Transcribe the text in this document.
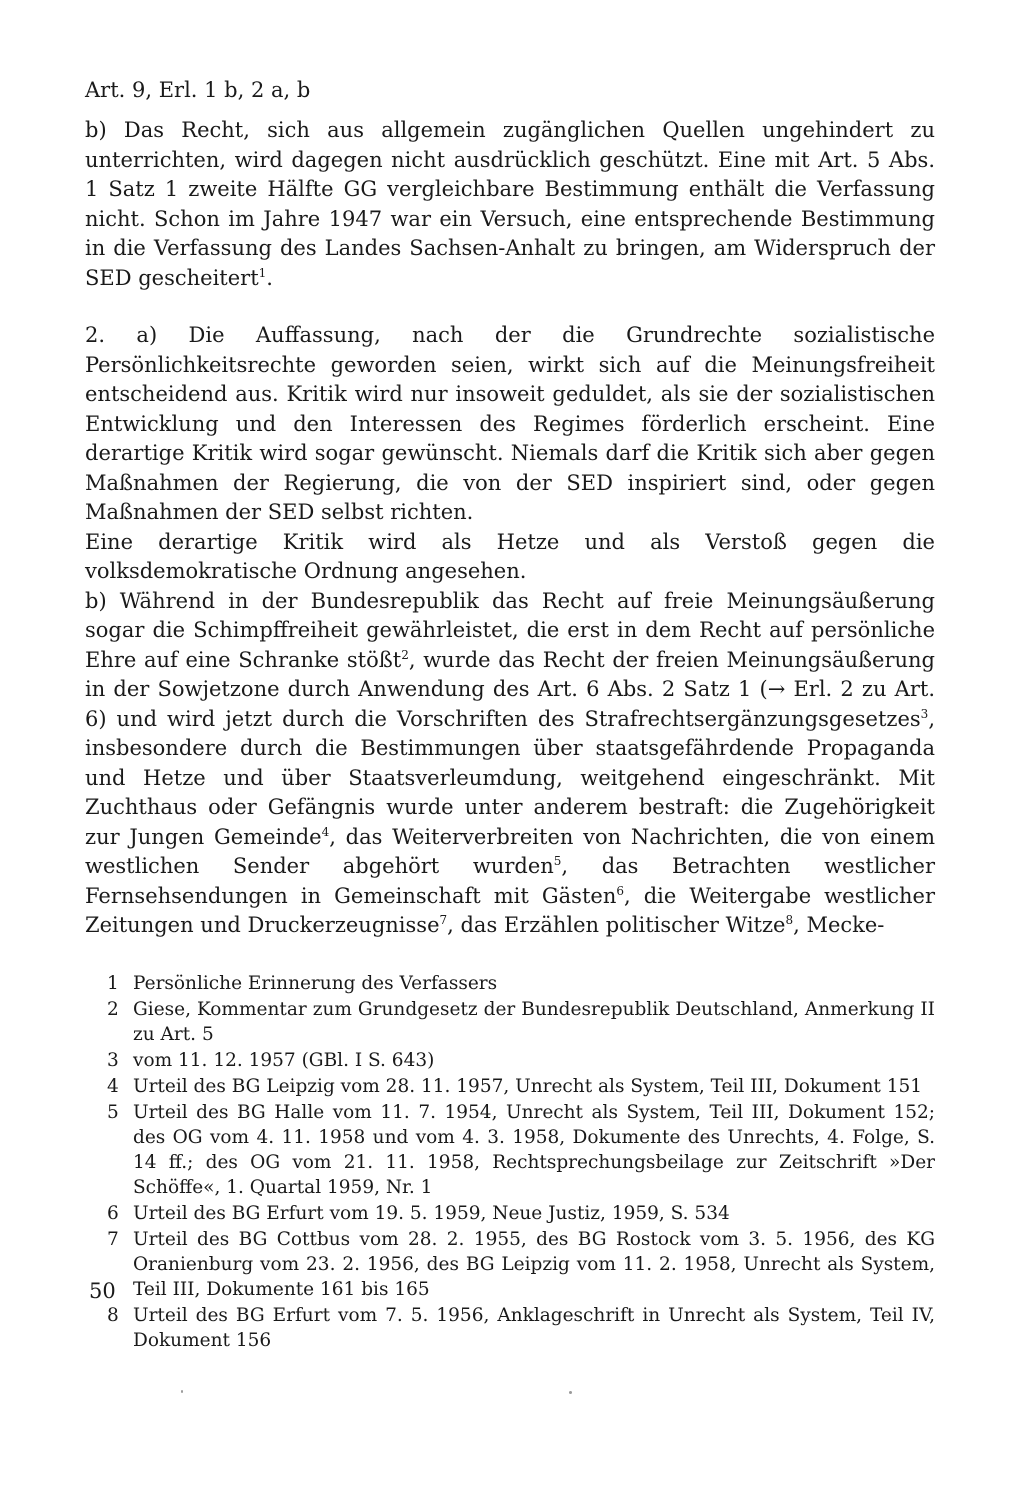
Art. 9, Erl. 1 b, 2 a, b

b) Das Recht, sich aus allgemein zugänglichen Quellen ungehindert zu unterrichten, wird dagegen nicht ausdrücklich geschützt. Eine mit Art. 5 Abs. 1 Satz 1 zweite Hälfte GG vergleichbare Bestimmung enthält die Verfassung nicht. Schon im Jahre 1947 war ein Versuch, eine entsprechende Bestimmung in die Verfassung des Landes Sachsen-Anhalt zu bringen, am Widerspruch der SED gescheitert$^1$.

2. a) Die Auffassung, nach der die Grundrechte sozialistische Persönlichkeitsrechte geworden seien, wirkt sich auf die Meinungsfreiheit entscheidend aus. Kritik wird nur insoweit geduldet, als sie der sozialistischen Entwicklung und den Interessen des Regimes förderlich erscheint. Eine derartige Kritik wird sogar gewünscht. Niemals darf die Kritik sich aber gegen Maßnahmen der Regierung, die von der SED inspiriert sind, oder gegen Maßnahmen der SED selbst richten.

Eine derartige Kritik wird als Hetze und als Verstoß gegen die volksdemokratische Ordnung angesehen.

b) Während in der Bundesrepublik das Recht auf freie Meinungsäußerung sogar die Schimpffreiheit gewährleistet, die erst in dem Recht auf persönliche Ehre auf eine Schranke stößt$^2$, wurde das Recht der freien Meinungsäußerung in der Sowjetzone durch Anwendung des Art. 6 Abs. 2 Satz 1 (→ Erl. 2 zu Art. 6) und wird jetzt durch die Vorschriften des Strafrechtsergänzungsgesetzes$^3$, insbesondere durch die Bestimmungen über staatsgefährdende Propaganda und Hetze und über Staatsverleumdung, weitgehend eingeschränkt. Mit Zuchthaus oder Gefängnis wurde unter anderem bestraft: die Zugehörigkeit zur Jungen Gemeinde$^4$, das Weiterverbreiten von Nachrichten, die von einem westlichen Sender abgehört wurden$^5$, das Betrachten westlicher Fernsehsendungen in Gemeinschaft mit Gästen$^6$, die Weitergabe westlicher Zeitungen und Druckerzeugnisse$^7$, das Erzählen politischer Witze$^8$, Mecke-

1 Persönliche Erinnerung des Verfassers
2 Giese, Kommentar zum Grundgesetz der Bundesrepublik Deutschland, Anmerkung II zu Art. 5
3 vom 11. 12. 1957 (GBl. I S. 643)
4 Urteil des BG Leipzig vom 28. 11. 1957, Unrecht als System, Teil III, Dokument 151
5 Urteil des BG Halle vom 11. 7. 1954, Unrecht als System, Teil III, Dokument 152; des OG vom 4. 11. 1958 und vom 4. 3. 1958, Dokumente des Unrechts, 4. Folge, S. 14 ff.; des OG vom 21. 11. 1958, Rechtsprechungsbeilage zur Zeitschrift »Der Schöffe«, 1. Quartal 1959, Nr. 1
6 Urteil des BG Erfurt vom 19. 5. 1959, Neue Justiz, 1959, S. 534
7 Urteil des BG Cottbus vom 28. 2. 1955, des BG Rostock vom 3. 5. 1956, des KG Oranienburg vom 23. 2. 1956, des BG Leipzig vom 11. 2. 1958, Unrecht als System, Teil III, Dokumente 161 bis 165
8 Urteil des BG Erfurt vom 7. 5. 1956, Anklageschrift in Unrecht als System, Teil IV, Dokument 156
50
